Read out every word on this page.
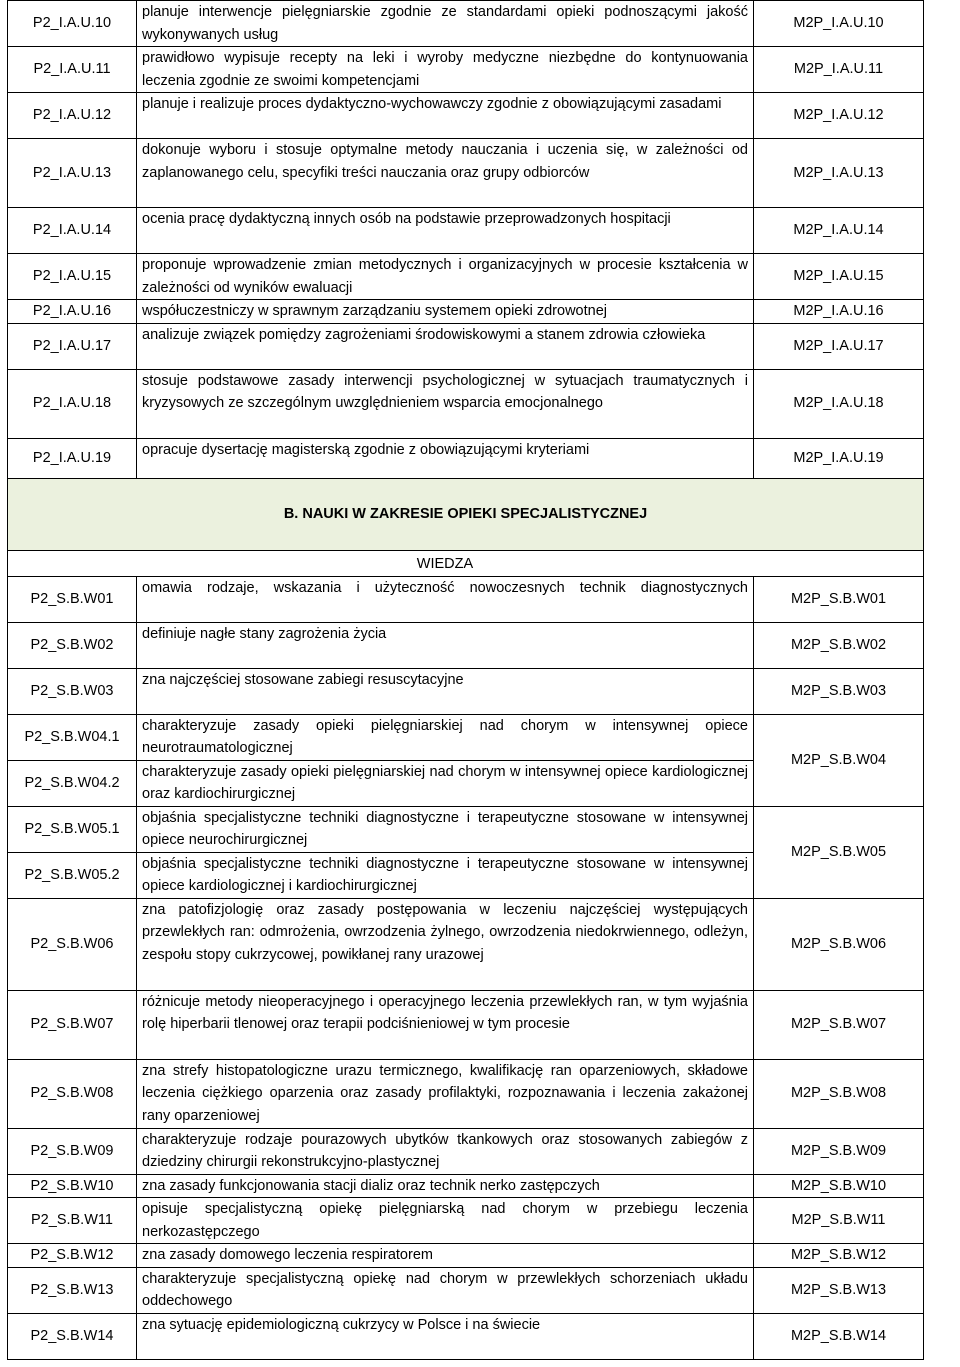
P2_I.A.U.10	planuje interwencje pielęgniarskie zgodnie ze standardami opieki podnoszącymi jakość wykonywanych usług	M2P_I.A.U.10
P2_I.A.U.11	prawidłowo wypisuje recepty na leki i wyroby medyczne niezbędne do kontynuowania leczenia zgodnie ze swoimi kompetencjami	M2P_I.A.U.11
P2_I.A.U.12	planuje i realizuje proces dydaktyczno-wychowawczy zgodnie z obowiązującymi zasadami	M2P_I.A.U.12
P2_I.A.U.13	dokonuje wyboru i stosuje optymalne metody nauczania i uczenia się, w zależności od zaplanowanego celu, specyfiki treści nauczania oraz grupy odbiorców	M2P_I.A.U.13
P2_I.A.U.14	ocenia pracę dydaktyczną innych osób na podstawie przeprowadzonych hospitacji	M2P_I.A.U.14
P2_I.A.U.15	proponuje wprowadzenie zmian metodycznych i organizacyjnych w procesie kształcenia w zależności od wyników ewaluacji	M2P_I.A.U.15
P2_I.A.U.16	współuczestniczy w sprawnym zarządzaniu systemem opieki zdrowotnej	M2P_I.A.U.16
P2_I.A.U.17	analizuje związek pomiędzy zagrożeniami środowiskowymi a stanem zdrowia człowieka	M2P_I.A.U.17
P2_I.A.U.18	stosuje podstawowe zasady interwencji psychologicznej w sytuacjach traumatycznych i kryzysowych ze szczególnym uwzględnieniem wsparcia emocjonalnego	M2P_I.A.U.18
P2_I.A.U.19	opracuje dysertację magisterską zgodnie z obowiązującymi kryteriami	M2P_I.A.U.19
B. NAUKI W ZAKRESIE OPIEKI SPECJALISTYCZNEJ		
	WIEDZA	
P2_S.B.W01	omawia rodzaje, wskazania i użyteczność nowoczesnych technik diagnostycznych	M2P_S.B.W01
P2_S.B.W02	definiuje nagłe stany zagrożenia życia	M2P_S.B.W02
P2_S.B.W03	zna najczęściej stosowane zabiegi resuscytacyjne	M2P_S.B.W03
P2_S.B.W04.1	charakteryzuje zasady opieki pielęgniarskiej nad chorym w intensywnej opiece neurotraumatologicznej	M2P_S.B.W04
P2_S.B.W04.2	charakteryzuje zasady opieki pielęgniarskiej nad chorym w intensywnej opiece kardiologicznej oraz kardiochirurgicznej	
P2_S.B.W05.1	objaśnia specjalistyczne techniki diagnostyczne i terapeutyczne stosowane w intensywnej opiece neurochirurgicznej	M2P_S.B.W05
P2_S.B.W05.2	objaśnia specjalistyczne techniki diagnostyczne i terapeutyczne stosowane w intensywnej opiece kardiologicznej i kardiochirurgicznej	
P2_S.B.W06	zna patofizjologię oraz zasady postępowania w leczeniu najczęściej występujących przewlekłych ran: odmrożenia, owrzodzenia żylnego, owrzodzenia niedokrwiennego, odleżyn, zespołu stopy cukrzycowej, powikłanej rany urazowej	M2P_S.B.W06
P2_S.B.W07	różnicuje metody nieoperacyjnego i operacyjnego leczenia przewlekłych ran, w tym wyjaśnia rolę hiperbarii tlenowej oraz terapii podciśnieniowej w tym procesie	M2P_S.B.W07
P2_S.B.W08	zna strefy histopatologiczne urazu termicznego, kwalifikację ran oparzeniowych, składowe leczenia ciężkiego oparzenia oraz zasady profilaktyki, rozpoznawania i leczenia zakażonej rany oparzeniowej	M2P_S.B.W08
P2_S.B.W09	charakteryzuje rodzaje pourazowych ubytków tkankowych oraz stosowanych zabiegów z dziedziny chirurgii rekonstrukcyjno-plastycznej	M2P_S.B.W09
P2_S.B.W10	zna zasady funkcjonowania stacji dializ oraz technik nerko zastępczych	M2P_S.B.W10
P2_S.B.W11	opisuje specjalistyczną opiekę pielęgniarską nad chorym w przebiegu leczenia nerkozastępczego	M2P_S.B.W11
P2_S.B.W12	zna zasady domowego leczenia respiratorem	M2P_S.B.W12
P2_S.B.W13	charakteryzuje specjalistyczną opiekę nad chorym w przewlekłych schorzeniach układu oddechowego	M2P_S.B.W13
P2_S.B.W14	zna sytuację epidemiologiczną cukrzycy w Polsce i na świecie	M2P_S.B.W14
